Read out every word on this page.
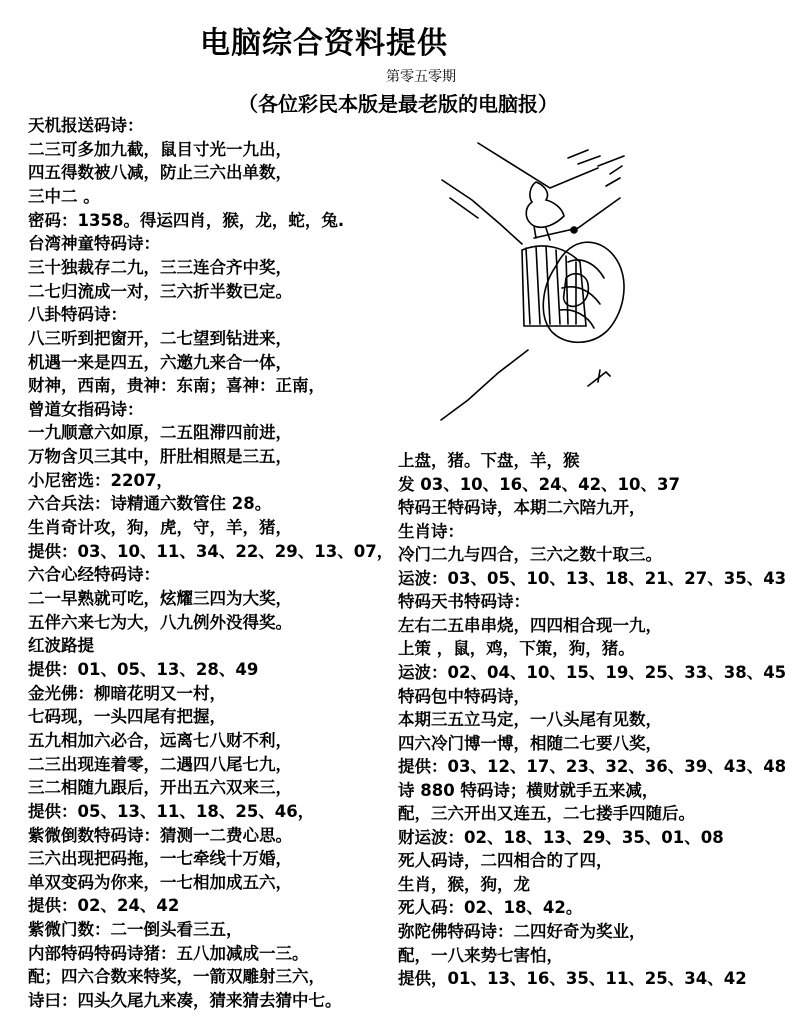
电脑综合资料提供
第零五零期
（各位彩民本版是最老版的电脑报）
天机报送码诗：
二三可多加九截，鼠目寸光一九出，
四五得数被八减，防止三六出单数，
三中二 。
密码：1358。得运四肖，猴，龙，蛇，兔.
台湾神童特码诗：
三十独裁存二九，三三连合齐中奖，
二七归流成一对，三六折半数已定。
八卦特码诗：
八三听到把窗开，二七望到钻进来，
机遇一来是四五，六邀九来合一体，
财神，西南，贵神：东南；喜神：正南，
曾道女指码诗：
一九顺意六如原，二五阻滞四前进，
万物含贝三其中，肝肚相照是三五，
小尼密选：2207，
六合兵法：诗精通六数管住 28。
生肖奇计攻，狗，虎，守，羊，猪，
提供：03、10、11、34、22、29、13、07，
六合心经特码诗：
二一早熟就可吃，炫耀三四为大奖，
五伴六来七为大，八九例外没得奖。
红波路提
提供：01、05、13、28、49
金光佛：柳暗花明又一村，
七码现，一头四尾有把握，
五九相加六必合，远离七八财不利，
二三出现连着零，二遇四八尾七九，
三二相随九跟后，开出五六双来三，
提供：05、13、11、18、25、46，
紫微倒数特码诗：猜测一二费心思。
三六出现把码拖，一七牵线十万婚，
单双变码为你来，一七相加成五六，
提供：02、24、42
紫微门数：二一倒头看三五，
内部特码特码诗猪：五八加减成一三。
配；四六合数来特奖，一箭双雕射三六，
诗曰：四头久尾九来凑，猜来猜去猜中七。
上盘，猪。下盘，羊，猴
发 03、10、16、24、42、10、37
特码王特码诗，本期二六陪九开，
生肖诗：
冷门二九与四合，三六之数十取三。
运波：03、05、10、13、18、21、27、35、43
特码天书特码诗：
左右二五串串烧，四四相合现一九，
上策 ，鼠，鸡，下策，狗，猪。
运波：02、04、10、15、19、25、33、38、45
特码包中特码诗，
本期三五立马定，一八头尾有见数，
四六冷门博一博，相随二七要八奖，
提供：03、12、17、23、32、36、39、43、48
诗 880 特码诗；横财就手五来减，
配，三六开出又连五，二七搂手四随后。
财运波：02、18、13、29、35、01、08
死人码诗，二四相合的了四，
生肖，猴，狗，龙
死人码：02、18、42。
弥陀佛特码诗：二四好奇为奖业，
配，一八来势七害怕，
提供，01、13、16、35、11、25、34、42
